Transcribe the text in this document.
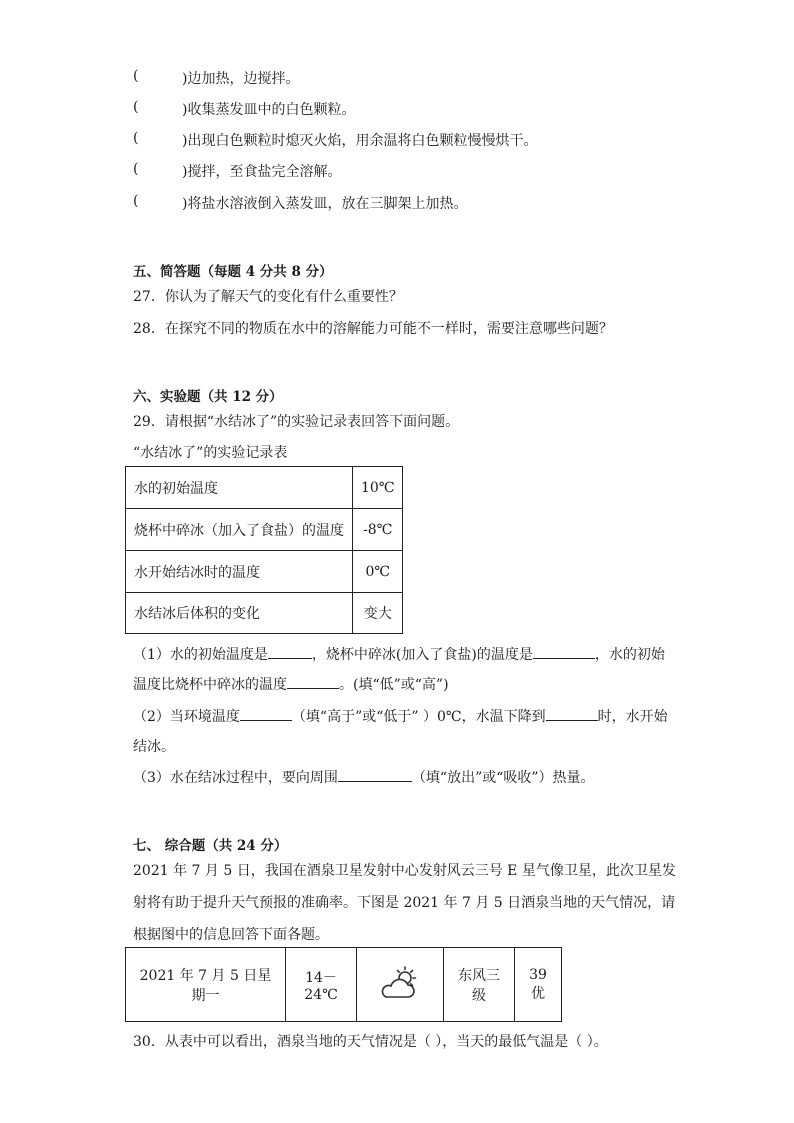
(	)边加热，边搅拌。
(	)收集蒸发皿中的白色颗粒。
(	)出现白色颗粒时熄灭火焰，用余温将白色颗粒慢慢烘干。
(	)搅拌，至食盐完全溶解。
(	)将盐水溶液倒入蒸发皿，放在三脚架上加热。
五、简答题（每题 4 分共 8 分）
27．你认为了解天气的变化有什么重要性？
28．在探究不同的物质在水中的溶解能力可能不一样时，需要注意哪些问题？
六、实验题（共 12 分）
29．请根据“水结冰了”的实验记录表回答下面问题。
“水结冰了”的实验记录表
水的初始温度	10℃
烧杯中碎冰（加入了食盐）的温度	-8℃
水开始结冰时的温度	0℃
水结冰后体积的变化	变大
（1）水的初始温度是	，烧杯中碎冰(加入了食盐)的温度是	，水的初始
温度比烧杯中碎冰的温度	。(填“低”或“高”)
（2）当环境温度	（填“高于”或“低于” ）0℃，水温下降到	时，水开始
结冰。
（3）水在结冰过程中，要向周围	（填“放出”或“吸收”）热量。
七、 综合题（共 24 分）
2021 年 7 月 5 日，我国在酒泉卫星发射中心发射风云三号 E 星气像卫星，此次卫星发
射将有助于提升天气预报的准确率。下图是 2021 年 7 月 5 日酒泉当地的天气情况，请
根据图中的信息回答下面各题。
2021 年 7 月 5 日星期一	14－24℃		东风三级	39 优
30．从表中可以看出，酒泉当地的天气情况是（ ），当天的最低气温是（ ）。
